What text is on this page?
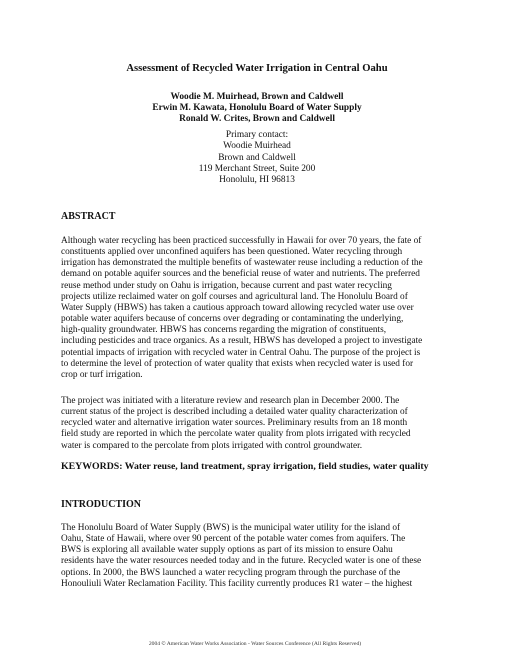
Assessment of Recycled Water Irrigation in Central Oahu
Woodie M. Muirhead, Brown and Caldwell
Erwin M. Kawata, Honolulu Board of Water Supply
Ronald W. Crites, Brown and Caldwell
Primary contact:
Woodie Muirhead
Brown and Caldwell
119 Merchant Street, Suite 200
Honolulu, HI 96813
ABSTRACT
Although water recycling has been practiced successfully in Hawaii for over 70 years, the fate of
constituents applied over unconfined aquifers has been questioned. Water recycling through
irrigation has demonstrated the multiple benefits of wastewater reuse including a reduction of the
demand on potable aquifer sources and the beneficial reuse of water and nutrients. The preferred
reuse method under study on Oahu is irrigation, because current and past water recycling
projects utilize reclaimed water on golf courses and agricultural land. The Honolulu Board of
Water Supply (HBWS) has taken a cautious approach toward allowing recycled water use over
potable water aquifers because of concerns over degrading or contaminating the underlying,
high-quality groundwater. HBWS has concerns regarding the migration of constituents,
including pesticides and trace organics. As a result, HBWS has developed a project to investigate
potential impacts of irrigation with recycled water in Central Oahu. The purpose of the project is
to determine the level of protection of water quality that exists when recycled water is used for
crop or turf irrigation.
The project was initiated with a literature review and research plan in December 2000. The
current status of the project is described including a detailed water quality characterization of
recycled water and alternative irrigation water sources. Preliminary results from an 18 month
field study are reported in which the percolate water quality from plots irrigated with recycled
water is compared to the percolate from plots irrigated with control groundwater.
KEYWORDS: Water reuse, land treatment, spray irrigation, field studies, water quality
INTRODUCTION
The Honolulu Board of Water Supply (BWS) is the municipal water utility for the island of
Oahu, State of Hawaii, where over 90 percent of the potable water comes from aquifers. The
BWS is exploring all available water supply options as part of its mission to ensure Oahu
residents have the water resources needed today and in the future. Recycled water is one of these
options. In 2000, the BWS launched a water recycling program through the purchase of the
Honouliuli Water Reclamation Facility. This facility currently produces R1 water – the highest
2004 © American Water Works Association - Water Sources Conference (All Rights Reserved)
